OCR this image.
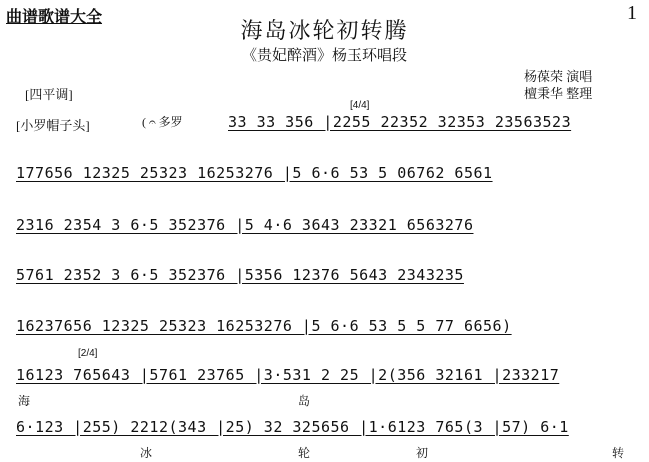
曲谱歌谱大全	1
海岛冰轮初转腾
《贵妃醉酒》杨玉环唱段
杨葆荣 演唱
檀秉华 整理
[四平调]
[小罗帽子头]	( 𝄐 多罗
[4/4]
33 33 356 |2255 22352 32353 23563523
177656 12325 25323 16253276 |5 6·6 53 5 06762 6561
2316 2354 3 6·5 352376 |5 4·6 3643 23321 6563276
5761 2352 3 6·5 352376 |5356 12376 5643 2343235
16237656 12325 25323 16253276 |5 6·6 53 5 5 77 6656)
[2/4]
16123 765643 |5761 23765 |3·531 2 25 |2(356 32161 |233217
海	岛
6·123 |255) 2212(343 |25) 32 325656 |1·6123 765(3 |57) 6·1
冰	轮	初	转
